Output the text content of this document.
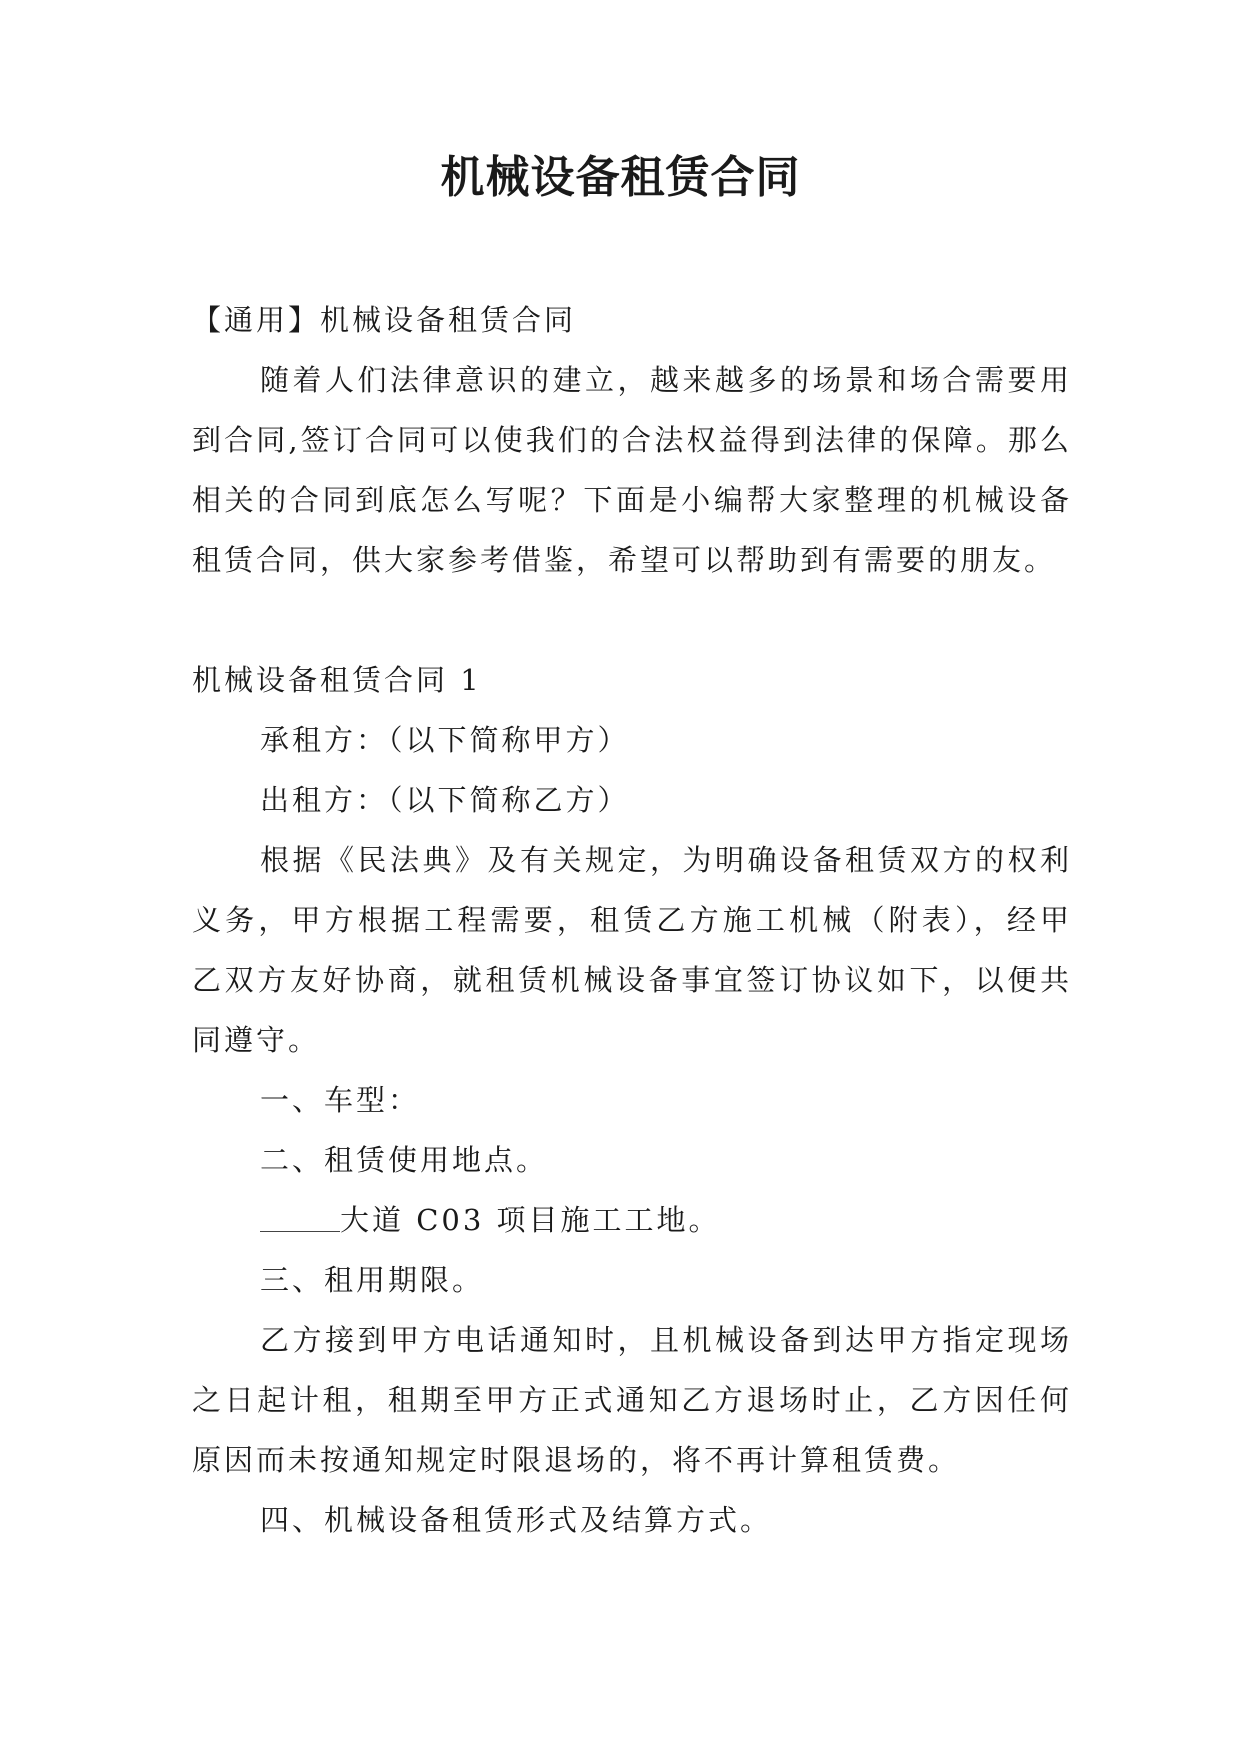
机械设备租赁合同

【通用】机械设备租赁合同

随着人们法律意识的建立，越来越多的场景和场合需要用到合同,签订合同可以使我们的合法权益得到法律的保障。那么相关的合同到底怎么写呢？下面是小编帮大家整理的机械设备租赁合同，供大家参考借鉴，希望可以帮助到有需要的朋友。

机械设备租赁合同 1

承租方：（以下简称甲方）

出租方：（以下简称乙方）

根据《民法典》及有关规定，为明确设备租赁双方的权利义务，甲方根据工程需要，租赁乙方施工机械（附表），经甲乙双方友好协商，就租赁机械设备事宜签订协议如下，以便共同遵守。

一、车型：

二、租赁使用地点。

大道 C03 项目施工工地。

三、租用期限。

乙方接到甲方电话通知时，且机械设备到达甲方指定现场之日起计租，租期至甲方正式通知乙方退场时止，乙方因任何原因而未按通知规定时限退场的，将不再计算租赁费。

四、机械设备租赁形式及结算方式。
